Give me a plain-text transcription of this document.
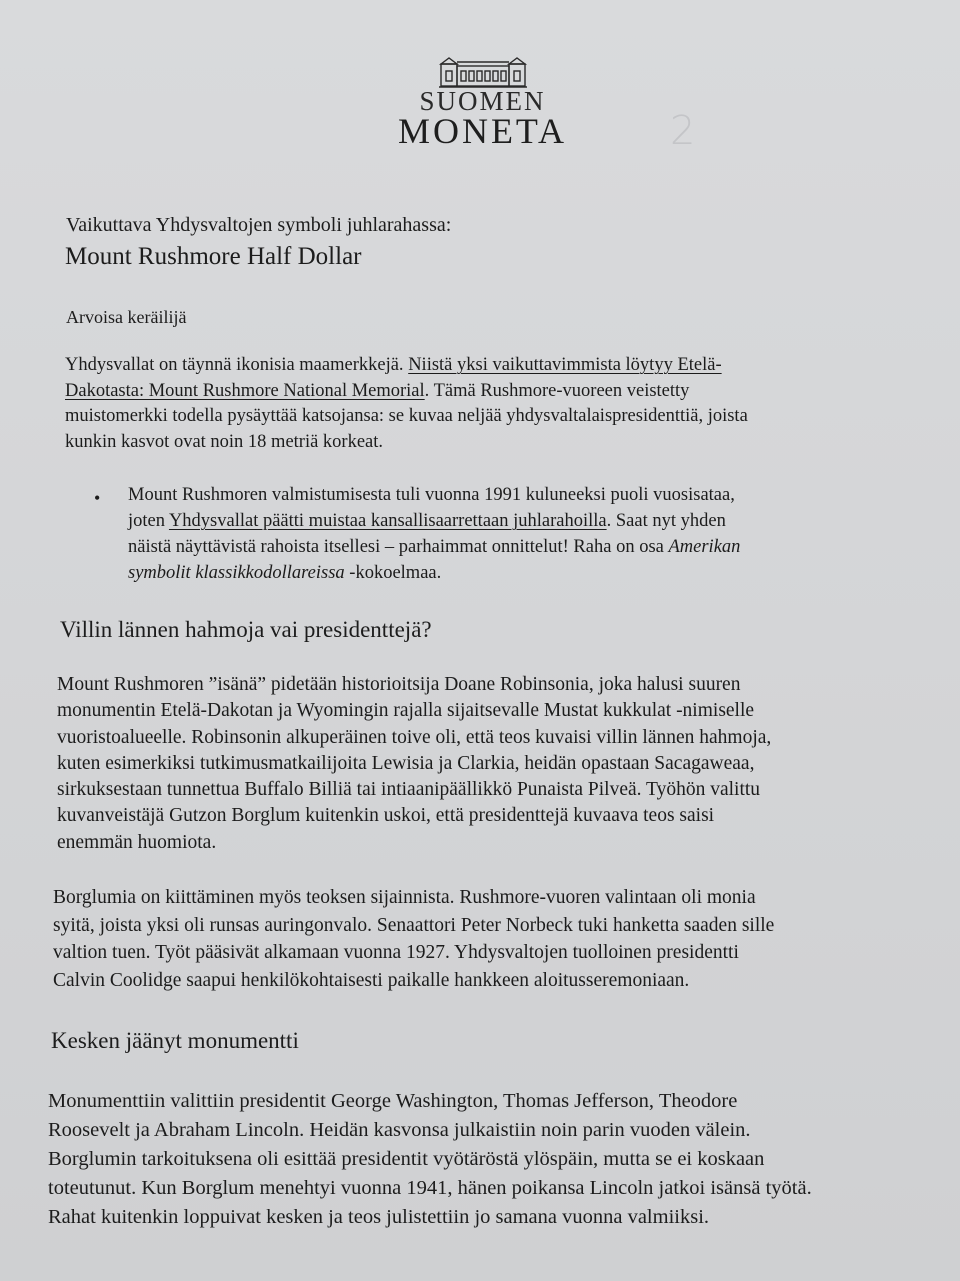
SUOMEN
MONETA	2
Vaikuttava Yhdysvaltojen symboli juhlarahassa:
Mount Rushmore Half Dollar
Arvoisa keräilijä
Yhdysvallat on täynnä ikonisia maamerkkejä. Niistä yksi vaikuttavimmista löytyy Etelä-
Dakotasta: Mount Rushmore National Memorial. Tämä Rushmore-vuoreen veistetty
muistomerkki todella pysäyttää katsojansa: se kuvaa neljää yhdysvaltalaispresidenttiä, joista
kunkin kasvot ovat noin 18 metriä korkeat.
• Mount Rushmoren valmistumisesta tuli vuonna 1991 kuluneeksi puoli vuosisataa,
joten Yhdysvallat päätti muistaa kansallisaarrettaan juhlarahoilla. Saat nyt yhden
näistä näyttävistä rahoista itsellesi – parhaimmat onnittelut! Raha on osa Amerikan
symbolit klassikkodollareissa -kokoelmaa.
Villin lännen hahmoja vai presidenttejä?
Mount Rushmoren ”isänä” pidetään historioitsija Doane Robinsonia, joka halusi suuren
monumentin Etelä-Dakotan ja Wyomingin rajalla sijaitsevalle Mustat kukkulat -nimiselle
vuoristoalueelle. Robinsonin alkuperäinen toive oli, että teos kuvaisi villin lännen hahmoja,
kuten esimerkiksi tutkimusmatkailijoita Lewisia ja Clarkia, heidän opastaan Sacagaweaa,
sirkuksestaan tunnettua Buffalo Billiä tai intiaanipäällikkö Punaista Pilveä. Työhön valittu
kuvanveistäjä Gutzon Borglum kuitenkin uskoi, että presidenttejä kuvaava teos saisi
enemmän huomiota.
Borglumia on kiittäminen myös teoksen sijainnista. Rushmore-vuoren valintaan oli monia
syitä, joista yksi oli runsas auringonvalo. Senaattori Peter Norbeck tuki hanketta saaden sille
valtion tuen. Työt pääsivät alkamaan vuonna 1927. Yhdysvaltojen tuolloinen presidentti
Calvin Coolidge saapui henkilökohtaisesti paikalle hankkeen aloitusseremoniaan.
Kesken jäänyt monumentti
Monumenttiin valittiin presidentit George Washington, Thomas Jefferson, Theodore
Roosevelt ja Abraham Lincoln. Heidän kasvonsa julkaistiin noin parin vuoden välein.
Borglumin tarkoituksena oli esittää presidentit vyötäröstä ylöspäin, mutta se ei koskaan
toteutunut. Kun Borglum menehtyi vuonna 1941, hänen poikansa Lincoln jatkoi isänsä työtä.
Rahat kuitenkin loppuivat kesken ja teos julistettiin jo samana vuonna valmiiksi.
